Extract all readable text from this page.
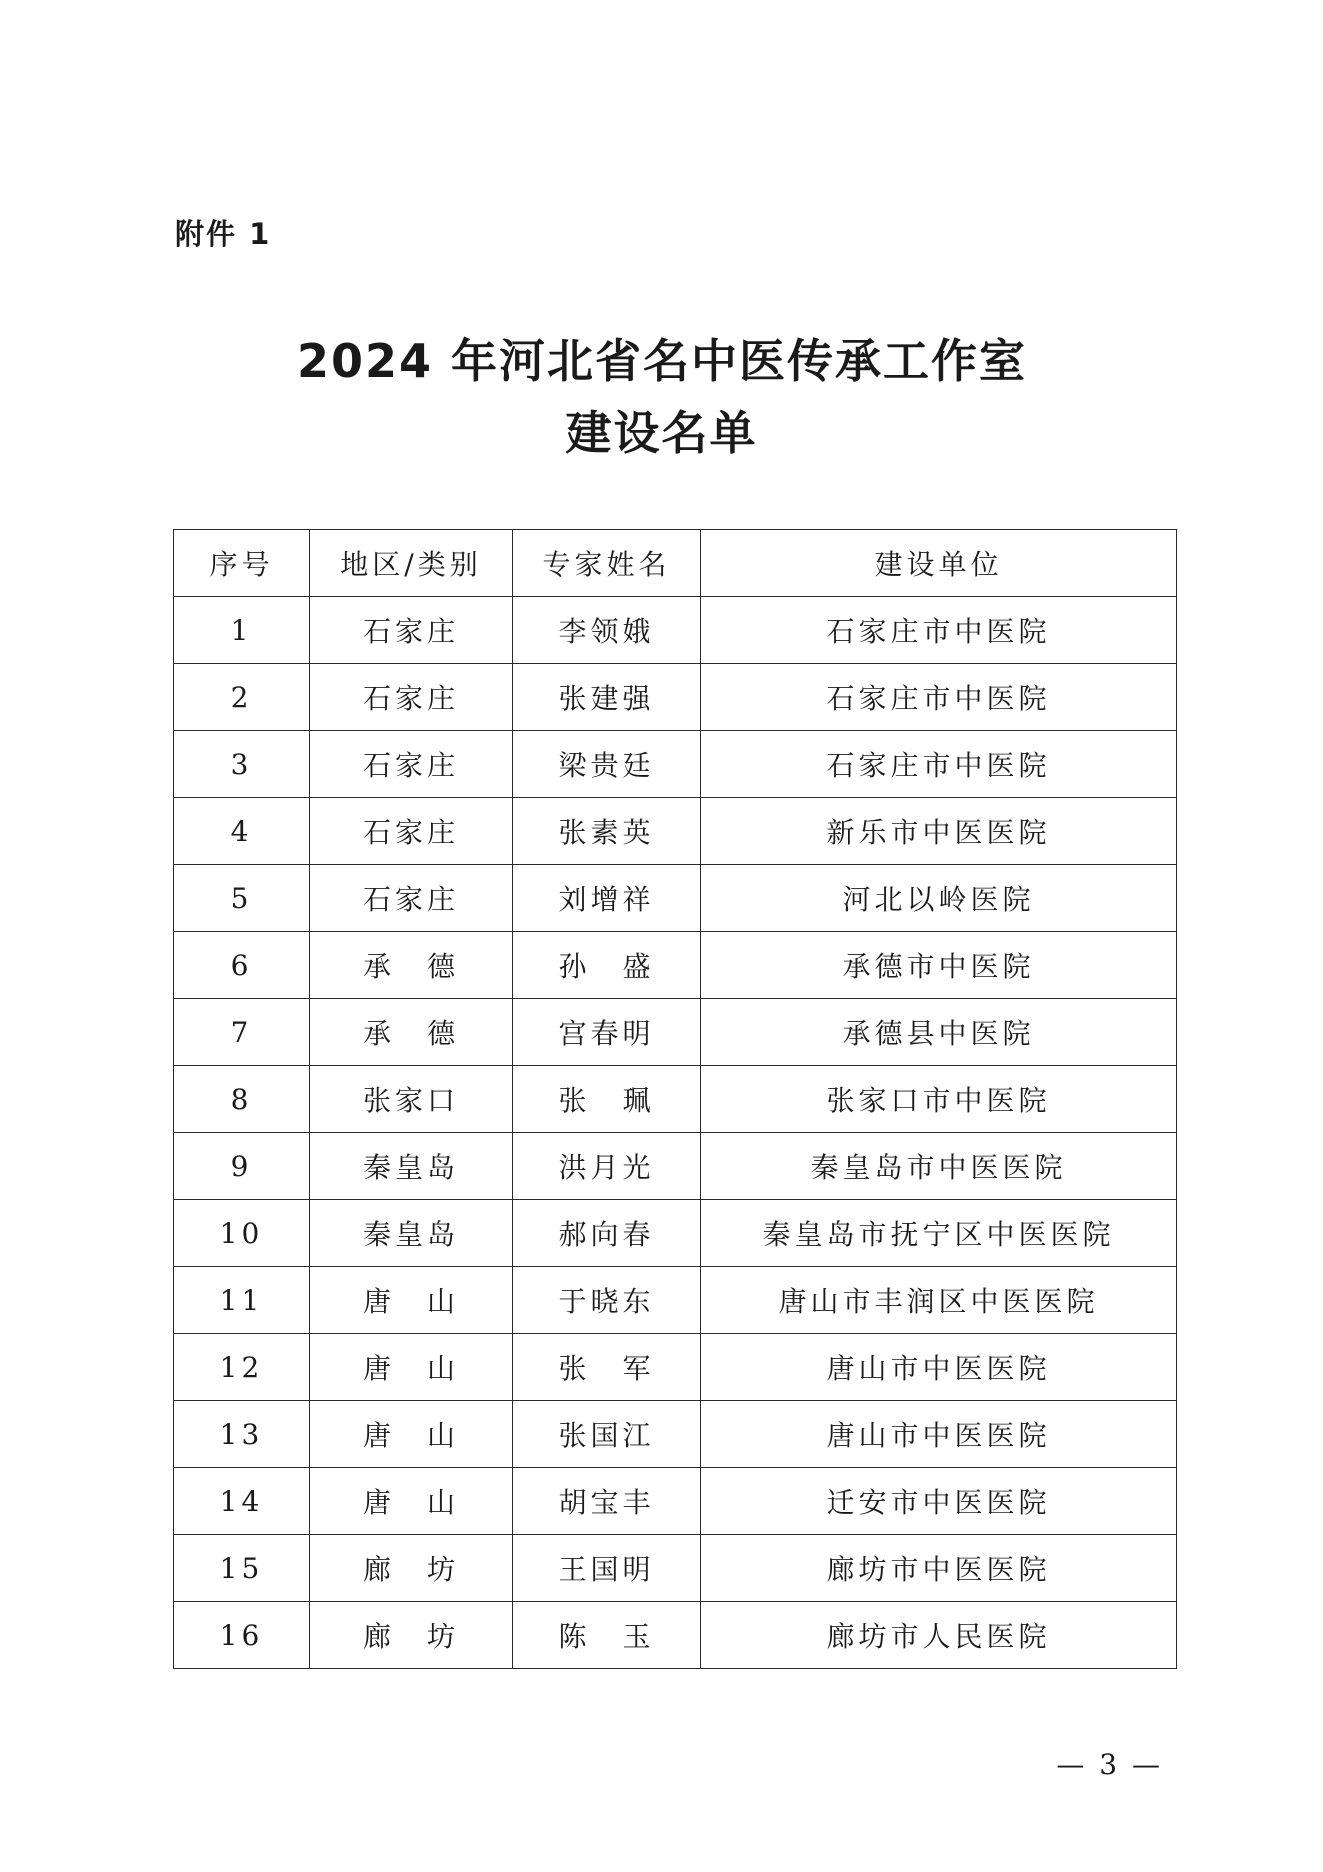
附件 1
2024 年河北省名中医传承工作室
建设名单
序号	地区/类别	专家姓名	建设单位
1	石家庄	李领娥	石家庄市中医院
2	石家庄	张建强	石家庄市中医院
3	石家庄	梁贵廷	石家庄市中医院
4	石家庄	张素英	新乐市中医医院
5	石家庄	刘增祥	河北以岭医院
6	承　德	孙　盛	承德市中医院
7	承　德	宫春明	承德县中医院
8	张家口	张　珮	张家口市中医院
9	秦皇岛	洪月光	秦皇岛市中医医院
10	秦皇岛	郝向春	秦皇岛市抚宁区中医医院
11	唐　山	于晓东	唐山市丰润区中医医院
12	唐　山	张　军	唐山市中医医院
13	唐　山	张国江	唐山市中医医院
14	唐　山	胡宝丰	迁安市中医医院
15	廊　坊	王国明	廊坊市中医医院
16	廊　坊	陈　玉	廊坊市人民医院
— 3 —
